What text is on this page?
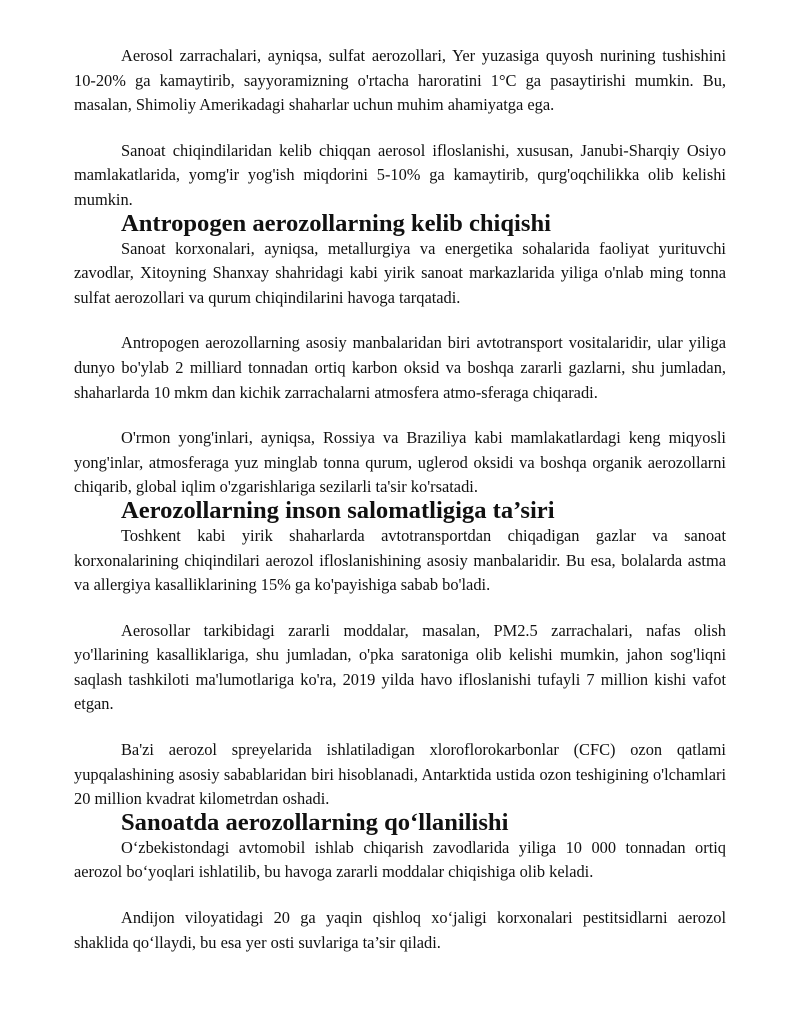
Aerosol zarrachalari, ayniqsa, sulfat aerozollari, Yer yuzasiga quyosh nurining tushishini 10-20% ga kamaytirib, sayyoramizning o'rtacha haroratini 1°C ga pasaytirishi mumkin. Bu, masalan, Shimoliy Amerikadagi shaharlar uchun muhim ahamiyatga ega.

Sanoat chiqindilaridan kelib chiqqan aerosol ifloslanishi, xususan, Janubi-Sharqiy Osiyo mamlakatlarida, yomg'ir yog'ish miqdorini 5-10% ga kamaytirib, qurg'oqchilikka olib kelishi mumkin.

Antropogen aerozollarning kelib chiqishi

Sanoat korxonalari, ayniqsa, metallurgiya va energetika sohalarida faoliyat yurituvchi zavodlar, Xitoyning Shanxay shahridagi kabi yirik sanoat markazlarida yiliga o'nlab ming tonna sulfat aerozollari va qurum chiqindilarini havoga tarqatadi.

Antropogen aerozollarning asosiy manbalaridan biri avtotransport vositalaridir, ular yiliga dunyo bo'ylab 2 milliard tonnadan ortiq karbon oksid va boshqa zararli gazlarni, shu jumladan, shaharlarda 10 mkm dan kichik zarrachalarni atmosfera atmo-sferaga chiqaradi.

O'rmon yong'inlari, ayniqsa, Rossiya va Braziliya kabi mamlakatlardagi keng miqyosli yong'inlar, atmosferaga yuz minglab tonna qurum, uglerod oksidi va boshqa organik aerozollarni chiqarib, global iqlim o'zgarishlariga sezilarli ta'sir ko'rsatadi.

Aerozollarning inson salomatligiga ta’siri

Toshkent kabi yirik shaharlarda avtotransportdan chiqadigan gazlar va sanoat korxonalarining chiqindilari aerozol ifloslanishining asosiy manbalaridir. Bu esa, bolalarda astma va allergiya kasalliklarining 15% ga ko'payishiga sabab bo'ladi.

Aerosollar tarkibidagi zararli moddalar, masalan, PM2.5 zarrachalari, nafas olish yo'llarining kasalliklariga, shu jumladan, o'pka saratoniga olib kelishi mumkin, jahon sog'liqni saqlash tashkiloti ma'lumotlariga ko'ra, 2019 yilda havo ifloslanishi tufayli 7 million kishi vafot etgan.

Ba'zi aerozol spreyelarida ishlatiladigan xloroflorokarbonlar (CFC) ozon qatlami yupqalashining asosiy sabablaridan biri hisoblanadi, Antarktida ustida ozon teshigining o'lchamlari 20 million kvadrat kilometrdan oshadi.

Sanoatda aerozollarning qo‘llanilishi

O‘zbekistondagi avtomobil ishlab chiqarish zavodlarida yiliga 10 000 tonnadan ortiq aerozol bo‘yoqlari ishlatilib, bu havoga zararli moddalar chiqishiga olib keladi.

Andijon viloyatidagi 20 ga yaqin qishloq xo‘jaligi korxonalari pestitsidlarni aerozol shaklida qo‘llaydi, bu esa yer osti suvlariga ta’sir qiladi.
